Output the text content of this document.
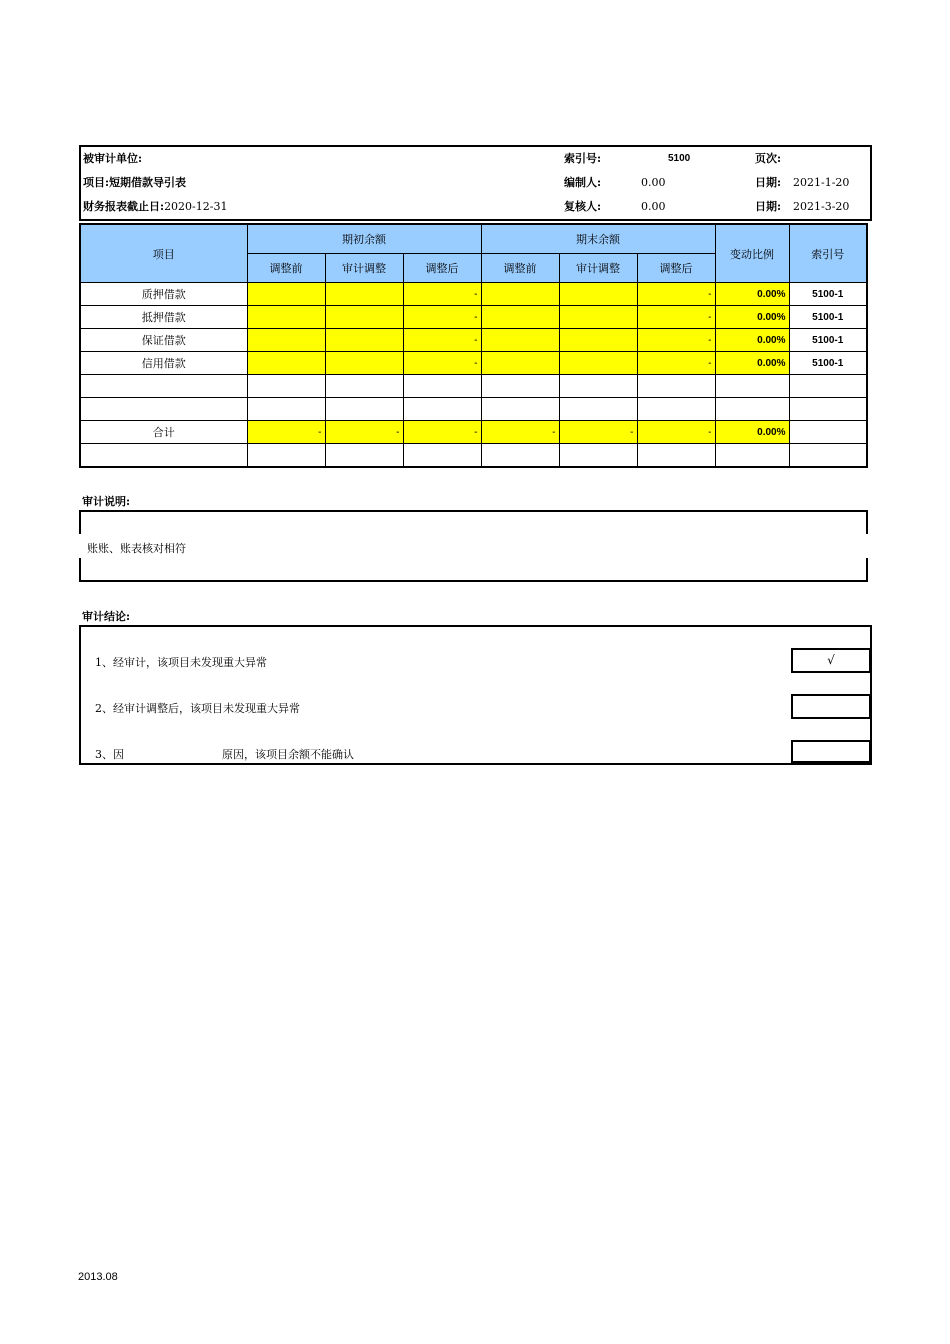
被审计单位:
项目:短期借款导引表
财务报表截止日:2020-12-31
索引号:	5100
编制人:	0.00
复核人:	0.00
页次:
日期: 2021-1-20
日期: 2021-3-20
项目	期初余额			期末余额			变动比例	索引号
	调整前	审计调整	调整后	调整前	审计调整	调整后		
质押借款			-			-	0.00%	5100-1
抵押借款			-			-	0.00%	5100-1
保证借款			-			-	0.00%	5100-1
信用借款			-			-	0.00%	5100-1

合计	-	-	-	-	-	-	0.00%	

审计说明:
账账、账表核对相符
审计结论:
1、经审计，该项目未发现重大异常	√
2、经审计调整后，该项目未发现重大异常
3、因	原因，该项目余额不能确认
2013.08
